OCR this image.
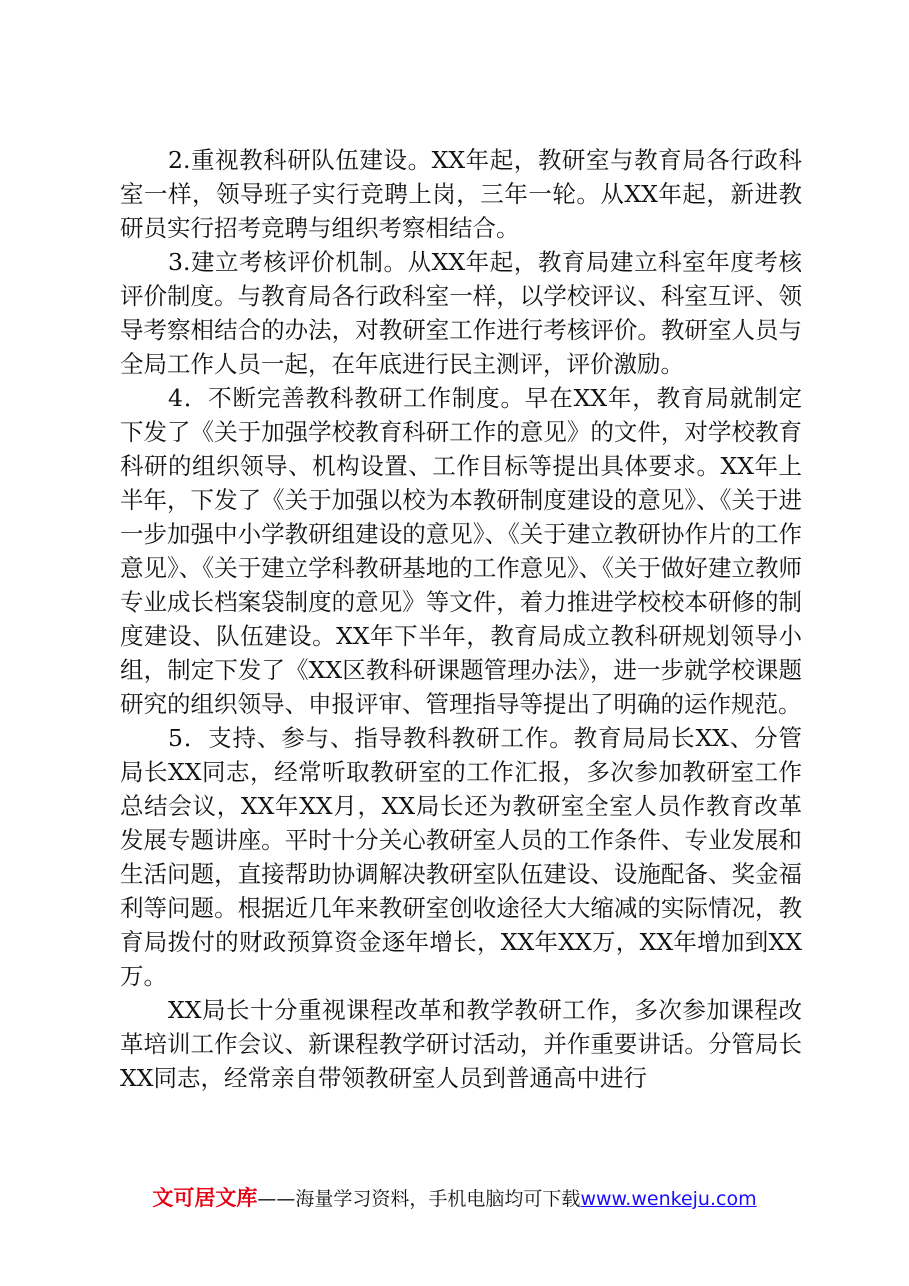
2.重视教科研队伍建设。XX年起，教研室与教育局各行政科室一样，领导班子实行竞聘上岗，三年一轮。从XX年起，新进教研员实行招考竞聘与组织考察相结合。

3.建立考核评价机制。从XX年起，教育局建立科室年度考核评价制度。与教育局各行政科室一样，以学校评议、科室互评、领导考察相结合的办法，对教研室工作进行考核评价。教研室人员与全局工作人员一起，在年底进行民主测评，评价激励。

4．不断完善教科教研工作制度。早在XX年，教育局就制定下发了《关于加强学校教育科研工作的意见》的文件，对学校教育科研的组织领导、机构设置、工作目标等提出具体要求。XX年上半年，下发了《关于加强以校为本教研制度建设的意见》、《关于进一步加强中小学教研组建设的意见》、《关于建立教研协作片的工作意见》、《关于建立学科教研基地的工作意见》、《关于做好建立教师专业成长档案袋制度的意见》等文件，着力推进学校校本研修的制度建设、队伍建设。XX年下半年，教育局成立教科研规划领导小组，制定下发了《XX区教科研课题管理办法》，进一步就学校课题研究的组织领导、申报评审、管理指导等提出了明确的运作规范。

5．支持、参与、指导教科教研工作。教育局局长XX、分管局长XX同志，经常听取教研室的工作汇报，多次参加教研室工作总结会议，XX年XX月，XX局长还为教研室全室人员作教育改革发展专题讲座。平时十分关心教研室人员的工作条件、专业发展和生活问题，直接帮助协调解决教研室队伍建设、设施配备、奖金福利等问题。根据近几年来教研室创收途径大大缩减的实际情况，教育局拨付的财政预算资金逐年增长，XX年XX万，XX年增加到XX万。

XX局长十分重视课程改革和教学教研工作，多次参加课程改革培训工作会议、新课程教学研讨活动，并作重要讲话。分管局长XX同志，经常亲自带领教研室人员到普通高中进行

文可居文库——海量学习资料，手机电脑均可下载www.wenkeju.com
